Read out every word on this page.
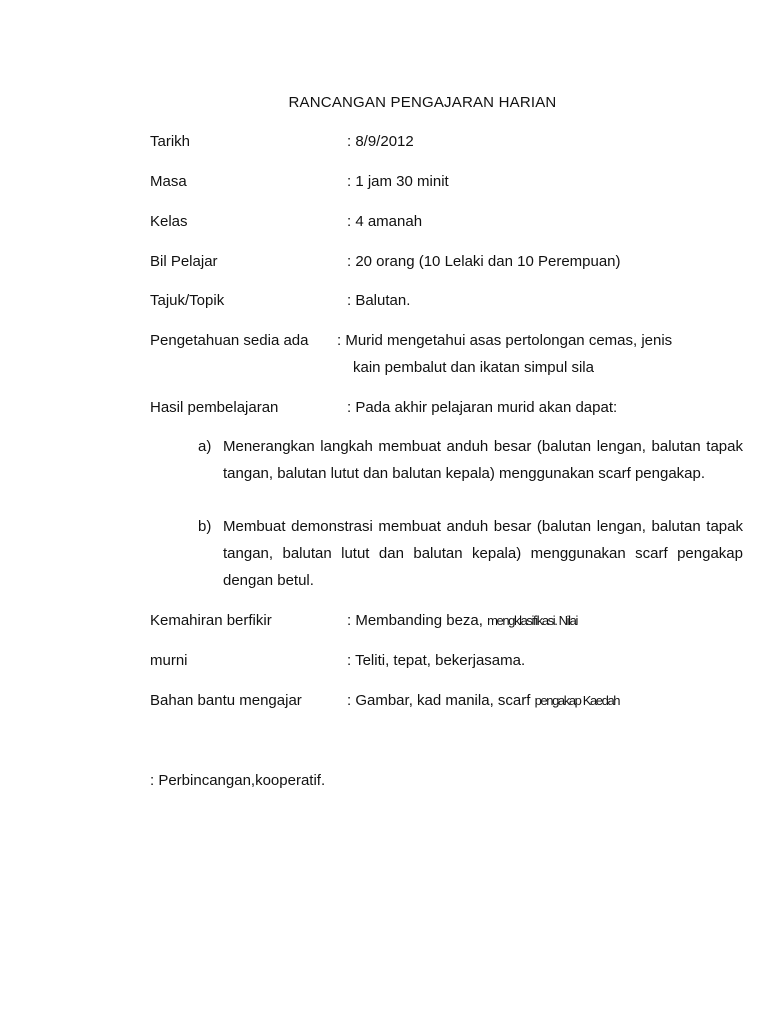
RANCANGAN PENGAJARAN HARIAN
Tarikh	: 8/9/2012
Masa	: 1 jam 30 minit
Kelas	: 4 amanah
Bil Pelajar	: 20 orang (10 Lelaki dan 10 Perempuan)
Tajuk/Topik	: Balutan.
Pengetahuan sedia ada : Murid mengetahui asas pertolongan cemas, jenis
kain pembalut dan ikatan simpul sila
Hasil pembelajaran	: Pada akhir pelajaran murid akan dapat:
a) Menerangkan langkah membuat anduh besar (balutan lengan, balutan tapak tangan, balutan lutut dan balutan kepala) menggunakan scarf pengakap.
b) Membuat demonstrasi membuat anduh besar (balutan lengan, balutan tapak tangan, balutan lutut dan balutan kepala) menggunakan scarf pengakap dengan betul.
Kemahiran berfikir	: Membanding beza, mengklasifikasi. Nilai
murni	: Teliti, tepat, bekerjasama.
Bahan bantu mengajar	: Gambar, kad manila, scarf pengakap Kaedah
: Perbincangan,kooperatif.
